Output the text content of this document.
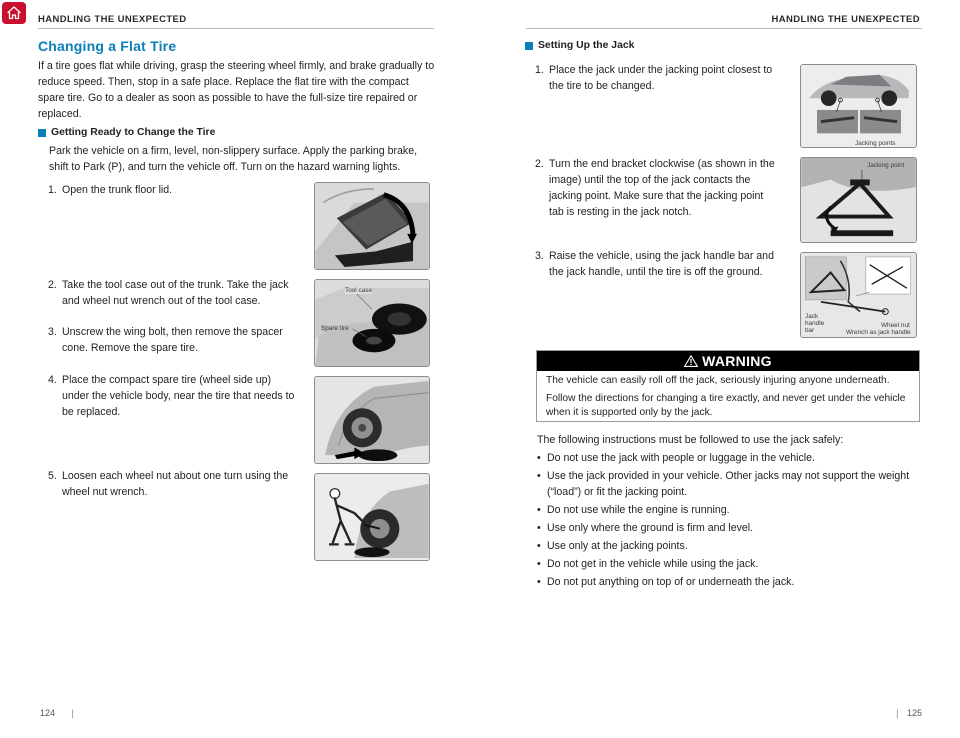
HANDLING THE UNEXPECTED
Changing a Flat Tire
If a tire goes flat while driving, grasp the steering wheel firmly, and brake gradually to reduce speed. Then, stop in a safe place. Replace the flat tire with the compact spare tire. Go to a dealer as soon as possible to have the full-size tire repaired or replaced.
Getting Ready to Change the Tire
Park the vehicle on a firm, level, non-slippery surface. Apply the parking brake, shift to Park (P), and turn the vehicle off. Turn on the hazard warning lights.
1. Open the trunk floor lid.
2. Take the tool case out of the trunk. Take the jack and wheel nut wrench out of the tool case.
3. Unscrew the wing bolt, then remove the spacer cone. Remove the spare tire.
4. Place the compact spare tire (wheel side up) under the vehicle body, near the tire that needs to be replaced.
5. Loosen each wheel nut about one turn using the wheel nut wrench.
Tool case
Spare tire
124 |
HANDLING THE UNEXPECTED
Setting Up the Jack
1. Place the jack under the jacking point closest to the tire to be changed.
2. Turn the end bracket clockwise (as shown in the image) until the top of the jack contacts the jacking point. Make sure that the jacking point tab is resting in the jack notch.
3. Raise the vehicle, using the jack handle bar and the jack handle, until the tire is off the ground.
Jacking points
Jacking point
Jack
handle
bar
Wheel nut
Wrench as jack handle
WARNING

The vehicle can easily roll off the jack, seriously injuring anyone underneath.

Follow the directions for changing a tire exactly, and never get under the vehicle when it is supported only by the jack.

The following instructions must be followed to use the jack safely:
• Do not use the jack with people or luggage in the vehicle.
• Use the jack provided in your vehicle. Other jacks may not support the weight (“load”) or fit the jacking point.
• Do not use while the engine is running.
• Use only where the ground is firm and level.
• Use only at the jacking points.
• Do not get in the vehicle while using the jack.
• Do not put anything on top of or underneath the jack.
| 125
